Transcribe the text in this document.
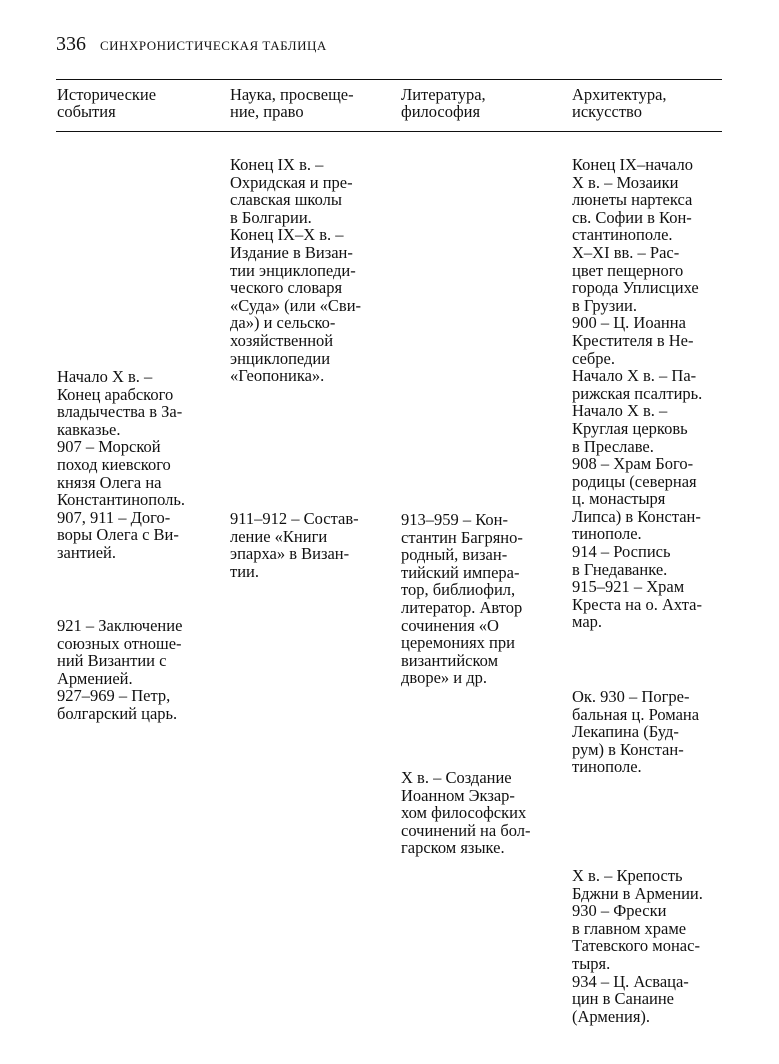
336 СИНХРОНИСТИЧЕСКАЯ ТАБЛИЦА
Исторические
события
Наука, просвеще-
ние, право
Литература,
философия
Архитектура,
искусство
Начало X в. –
Конец арабского
владычества в За-
кавказье.
907 – Морской
поход киевского
князя Олега на
Константинополь.
907, 911 – Дого-
воры Олега с Ви-
зантией.
921 – Заключение
союзных отноше-
ний Византии с
Арменией.
927–969 – Петр,
болгарский царь.
Конец IX в. –
Охридская и пре-
славская школы
в Болгарии.
Конец IX–X в. –
Издание в Визан-
тии энциклопеди-
ческого словаря
«Суда» (или «Сви-
да») и сельско-
хозяйственной
энциклопедии
«Геопоника».
911–912 – Состав-
ление «Книги
эпарха» в Визан-
тии.
913–959 – Кон-
стантин Багряно-
родный, визан-
тийский импера-
тор, библиофил,
литератор. Автор
сочинения «О
церемониях при
византийском
дворе» и др.
X в. – Создание
Иоанном Экзар-
хом философских
сочинений на бол-
гарском языке.
Конец IX–начало
X в. – Мозаики
люнеты нартекса
св. Софии в Кон-
стантинополе.
X–XI вв. – Рас-
цвет пещерного
города Уплисцихе
в Грузии.
900 – Ц. Иоанна
Крестителя в Не-
себре.
Начало X в. – Па-
рижская псалтирь.
Начало X в. –
Круглая церковь
в Преславе.
908 – Храм Бого-
родицы (северная
ц. монастыря
Липса) в Констан-
тинополе.
914 – Роспись
в Гнедаванке.
915–921 – Храм
Креста на о. Ахта-
мар.
Ок. 930 – Погре-
бальная ц. Романа
Лекапина (Буд-
рум) в Констан-
тинополе.
X в. – Крепость
Бджни в Армении.
930 – Фрески
в главном храме
Татевского монас-
тыря.
934 – Ц. Асваца-
цин в Санаине
(Армения).
